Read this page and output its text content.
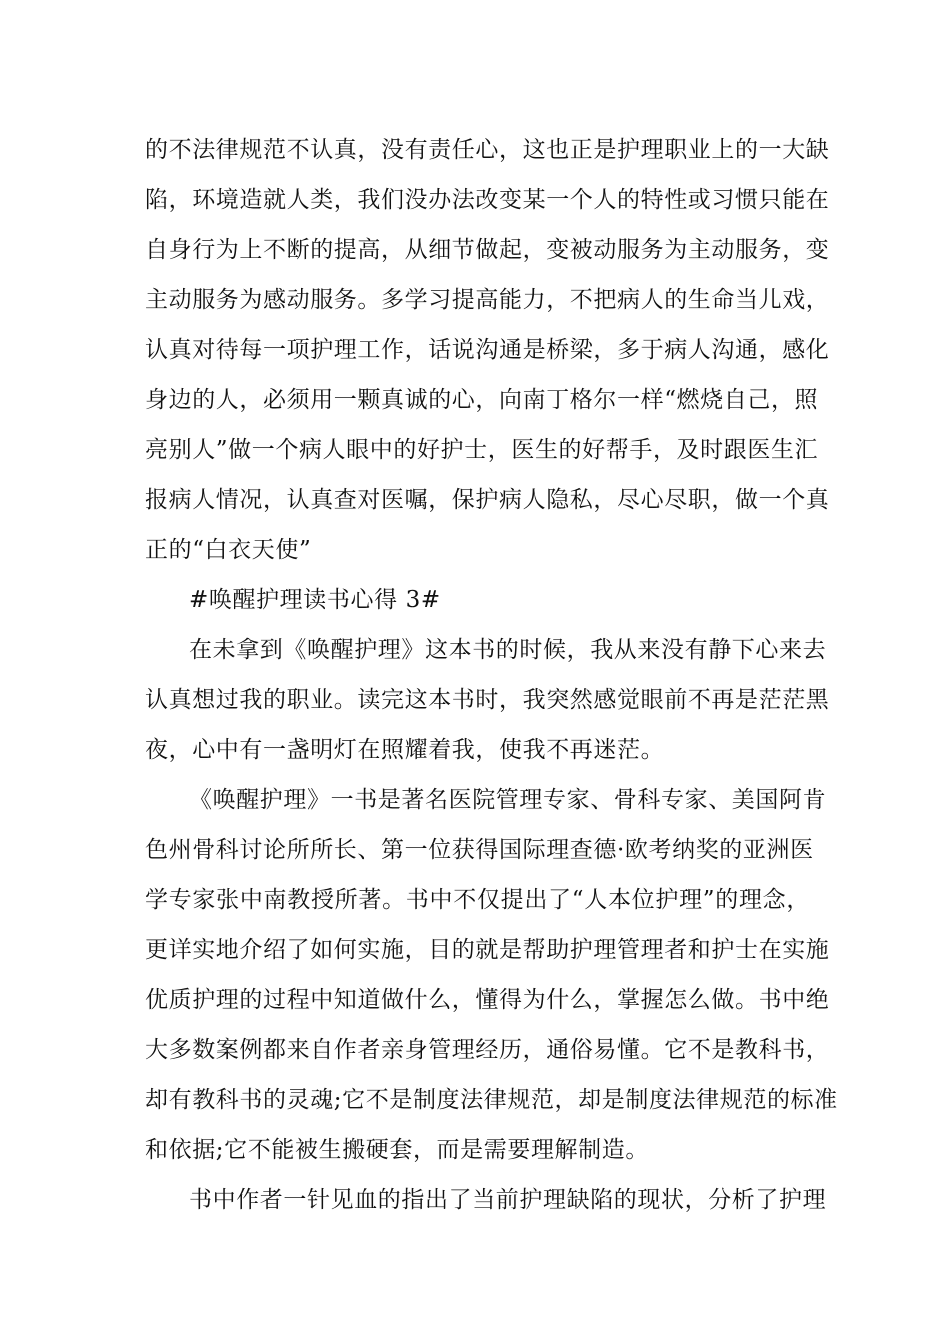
的不法律规范不认真，没有责任心，这也正是护理职业上的一大缺
陷，环境造就人类，我们没办法改变某一个人的特性或习惯只能在
自身行为上不断的提高，从细节做起，变被动服务为主动服务，变
主动服务为感动服务。多学习提高能力，不把病人的生命当儿戏，
认真对待每一项护理工作，话说沟通是桥梁，多于病人沟通，感化
身边的人，必须用一颗真诚的心，向南丁格尔一样“燃烧自己，照
亮别人”做一个病人眼中的好护士，医生的好帮手，及时跟医生汇
报病人情况，认真查对医嘱，保护病人隐私，尽心尽职，做一个真
正的“白衣天使”
#唤醒护理读书心得 3#
在未拿到《唤醒护理》这本书的时候，我从来没有静下心来去
认真想过我的职业。读完这本书时，我突然感觉眼前不再是茫茫黑
夜，心中有一盏明灯在照耀着我，使我不再迷茫。
《唤醒护理》一书是著名医院管理专家、骨科专家、美国阿肯
色州骨科讨论所所长、第一位获得国际理查德·欧考纳奖的亚洲医
学专家张中南教授所著。书中不仅提出了“人本位护理”的理念，
更详实地介绍了如何实施，目的就是帮助护理管理者和护士在实施
优质护理的过程中知道做什么，懂得为什么，掌握怎么做。书中绝
大多数案例都来自作者亲身管理经历，通俗易懂。它不是教科书，
却有教科书的灵魂;它不是制度法律规范，却是制度法律规范的标准
和依据;它不能被生搬硬套，而是需要理解制造。
书中作者一针见血的指出了当前护理缺陷的现状，分析了护理
